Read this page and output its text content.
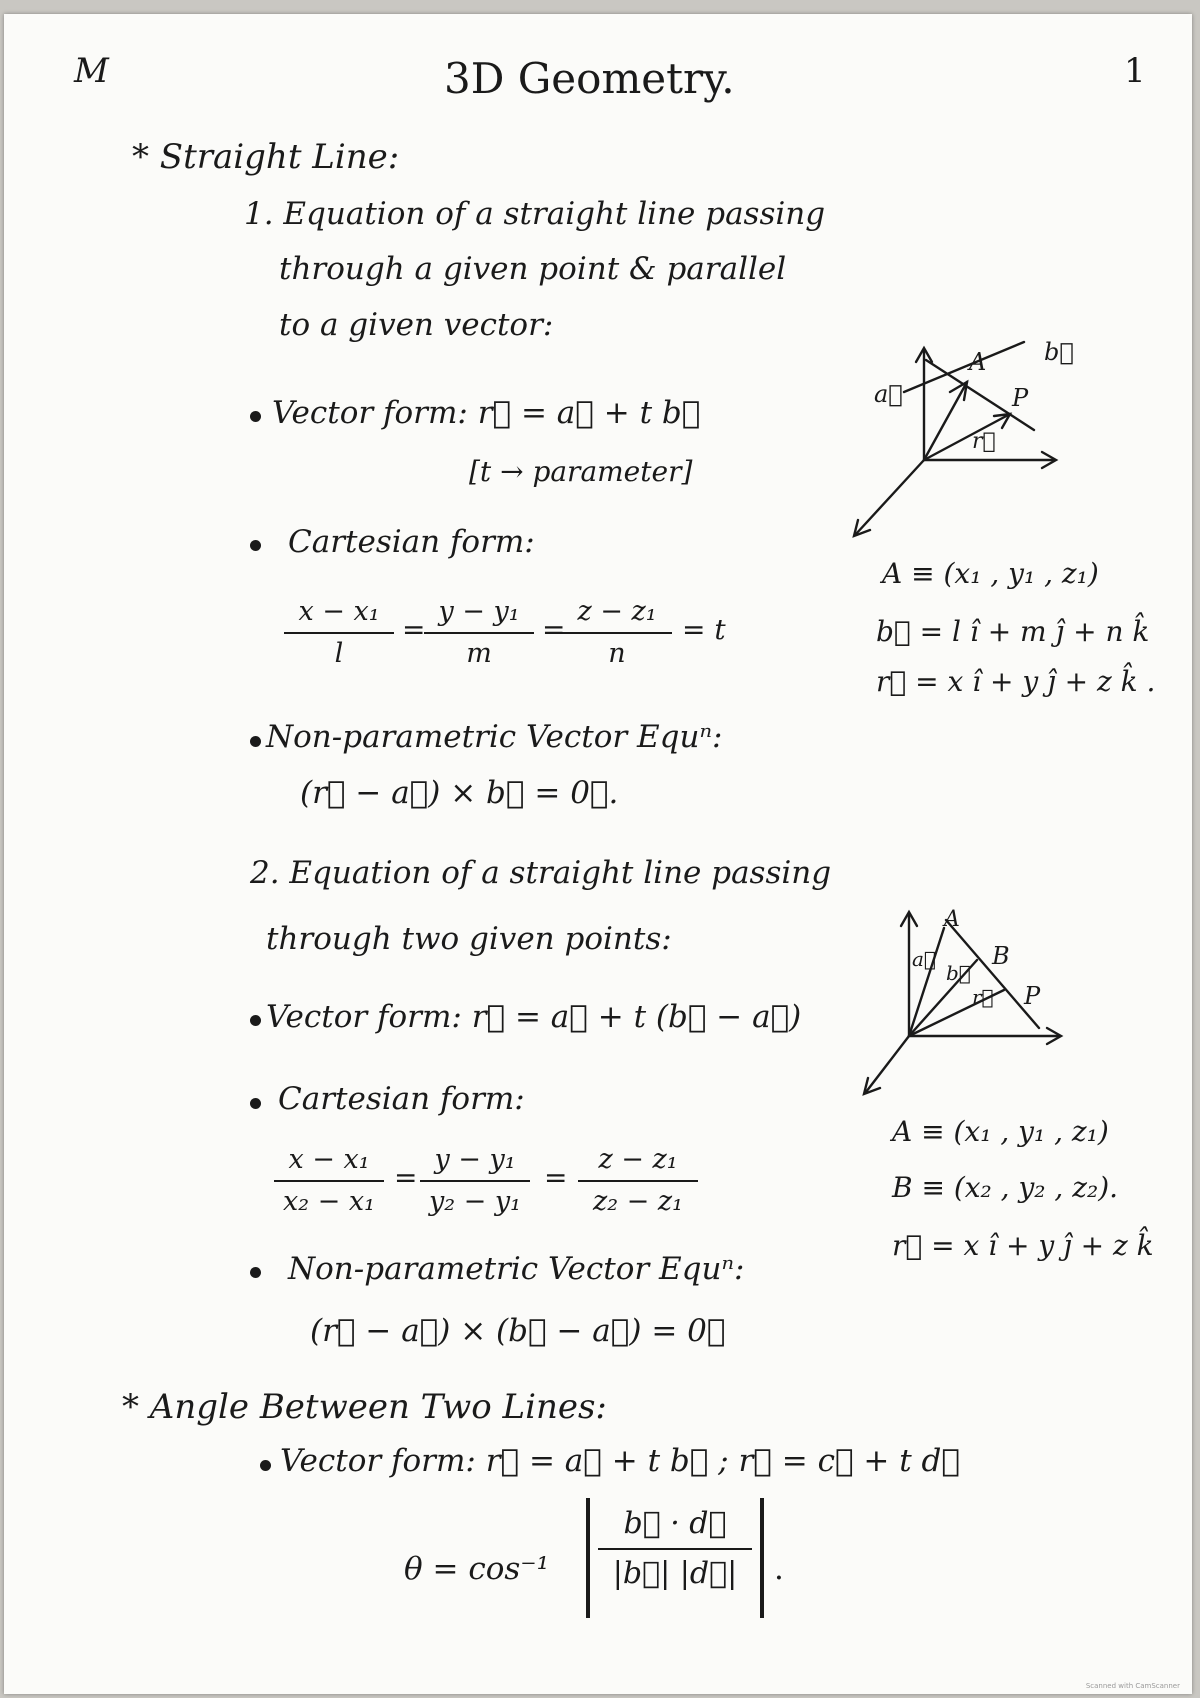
M	3D Geometry.	1
* Straight Line:
1. Equation of a straight line passing
through a given point & parallel
to a given vector:
Vector form: r⃗ = a⃗ + t b⃗
[t → parameter]
a⃗
A
P
r⃗
b⃗
Cartesian form:
x − x₁
l
=
y − y₁
m
=
z − z₁
n
= t
A ≡ (x₁ , y₁ , z₁)
b⃗ = l î + m ĵ + n k̂
r⃗ = x î + y ĵ + z k̂ .
Non-parametric Vector Equⁿ:
(r⃗ − a⃗) × b⃗ = 0⃗.
2. Equation of a straight line passing
through two given points:
Vector form: r⃗ = a⃗ + t (b⃗ − a⃗)
A
B
P
a⃗
b⃗
r⃗
Cartesian form:
x − x₁
x₂ − x₁
=
y − y₁
y₂ − y₁
=
z − z₁
z₂ − z₁
A ≡ (x₁ , y₁ , z₁)
B ≡ (x₂ , y₂ , z₂).
r⃗ = x î + y ĵ + z k̂
Non-parametric Vector Equⁿ:
(r⃗ − a⃗) × (b⃗ − a⃗) = 0⃗
* Angle Between Two Lines:
Vector form: r⃗ = a⃗ + t b⃗ ; r⃗ = c⃗ + t d⃗
θ = cos⁻¹
b⃗ · d⃗
|b⃗| |d⃗|	.
Scanned with CamScanner
